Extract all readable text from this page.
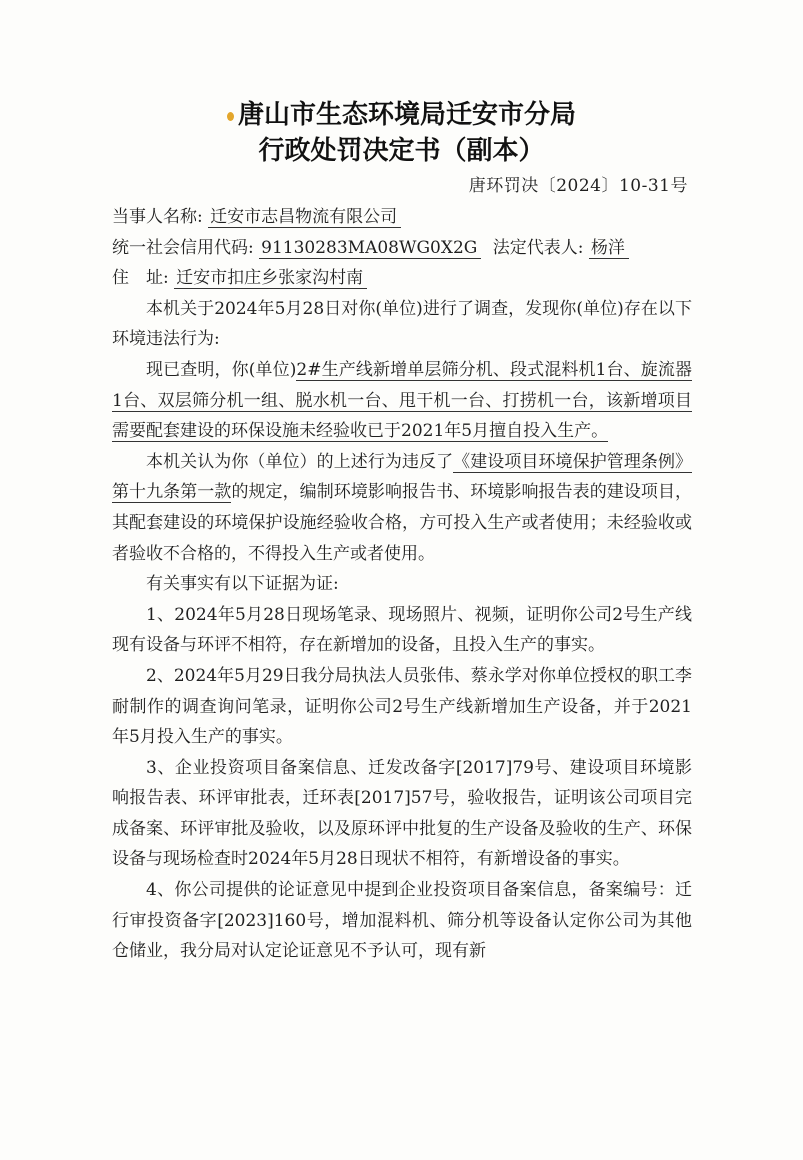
唐山市生态环境局迁安市分局
行政处罚决定书（副本）
唐环罚决〔2024〕10-31号
当事人名称: 迁安市志昌物流有限公司
统一社会信用代码: 91130283MA08WG0X2G 法定代表人: 杨洋
住　址: 迁安市扣庄乡张家沟村南
本机关于2024年5月28日对你(单位)进行了调查，发现你(单位)存在以下环境违法行为:
现已查明，你(单位)2#生产线新增单层筛分机、段式混料机1台、旋流器1台、双层筛分机一组、脱水机一台、甩干机一台、打捞机一台，该新增项目需要配套建设的环保设施未经验收已于2021年5月擅自投入生产。
本机关认为你（单位）的上述行为违反了《建设项目环境保护管理条例》第十九条第一款的规定，编制环境影响报告书、环境影响报告表的建设项目，其配套建设的环境保护设施经验收合格，方可投入生产或者使用；未经验收或者验收不合格的，不得投入生产或者使用。
有关事实有以下证据为证:
1、2024年5月28日现场笔录、现场照片、视频，证明你公司2号生产线现有设备与环评不相符，存在新增加的设备，且投入生产的事实。
2、2024年5月29日我分局执法人员张伟、蔡永学对你单位授权的职工李耐制作的调查询问笔录，证明你公司2号生产线新增加生产设备，并于2021年5月投入生产的事实。
3、企业投资项目备案信息、迁发改备字[2017]79号、建设项目环境影响报告表、环评审批表，迁环表[2017]57号，验收报告，证明该公司项目完成备案、环评审批及验收，以及原环评中批复的生产设备及验收的生产、环保设备与现场检查时2024年5月28日现状不相符，有新增设备的事实。
4、你公司提供的论证意见中提到企业投资项目备案信息，备案编号：迁行审投资备字[2023]160号，增加混料机、筛分机等设备认定你公司为其他仓储业，我分局对认定论证意见不予认可，现有新
